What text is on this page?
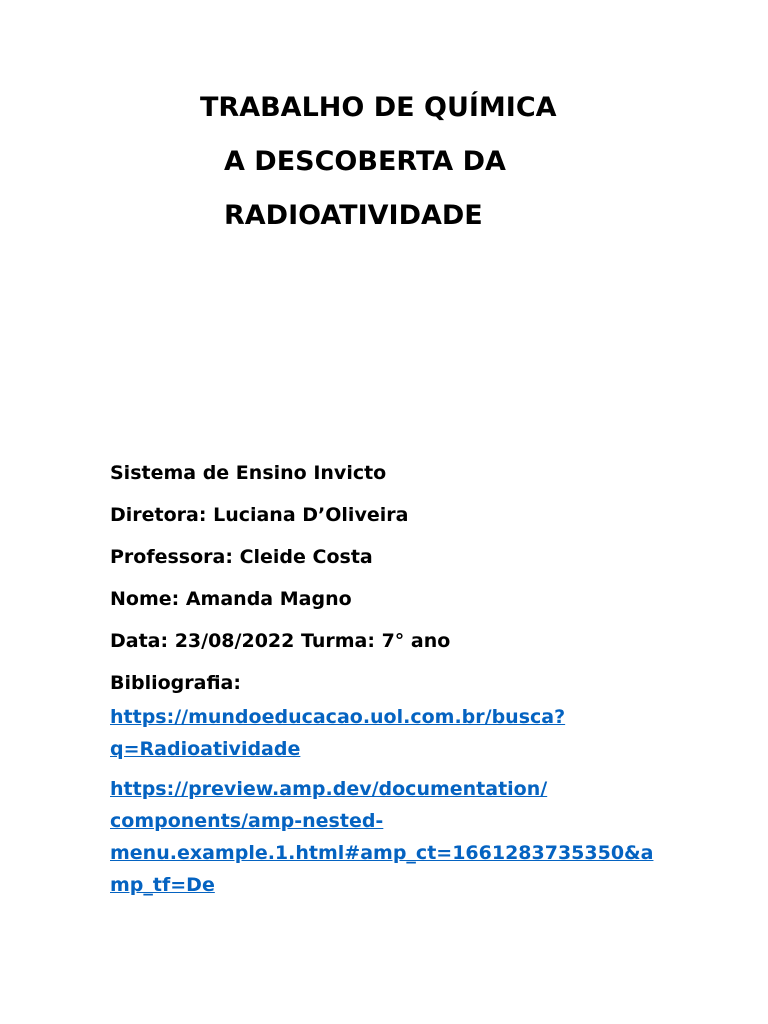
TRABALHO DE QUÍMICA
A DESCOBERTA DA
RADIOATIVIDADE
Sistema de Ensino Invicto
Diretora: Luciana D’Oliveira
Professora: Cleide Costa
Nome: Amanda Magno
Data: 23/08/2022 Turma: 7° ano
Bibliografia:
https://mundoeducacao.uol.com.br/busca?
q=Radioatividade
https://preview.amp.dev/documentation/
components/amp-nested-
menu.example.1.html#amp_ct=1661283735350&a
mp_tf=De
